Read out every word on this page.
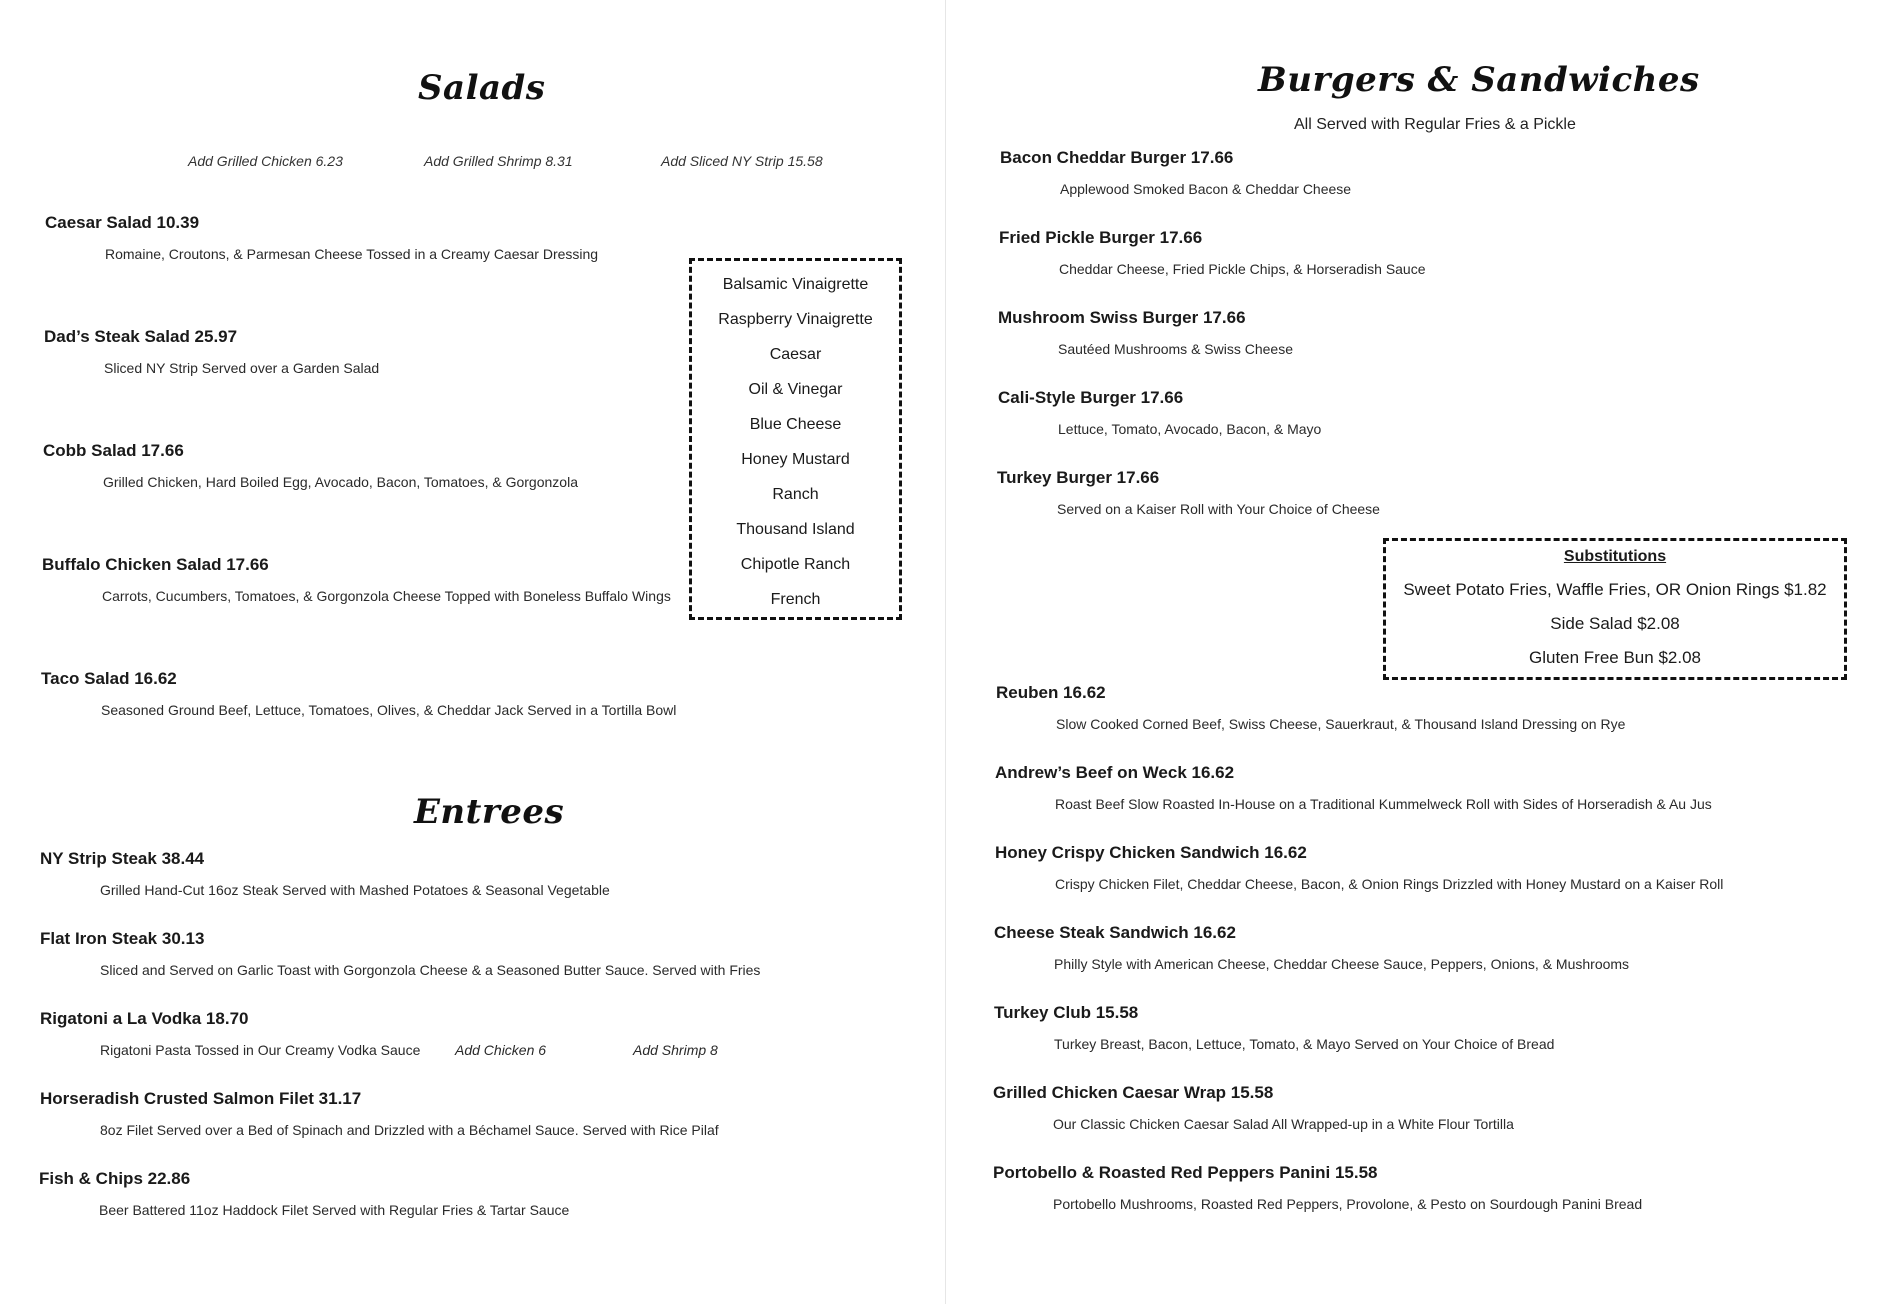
Salads
Add Grilled Chicken 6.23	Add Grilled Shrimp 8.31	Add Sliced NY Strip 15.58
Caesar Salad 10.39
Romaine, Croutons, & Parmesan Cheese Tossed in a Creamy Caesar Dressing
Dad’s Steak Salad 25.97
Sliced NY Strip Served over a Garden Salad
Cobb Salad 17.66
Grilled Chicken, Hard Boiled Egg, Avocado, Bacon, Tomatoes, & Gorgonzola
Buffalo Chicken Salad 17.66
Carrots, Cucumbers, Tomatoes, & Gorgonzola Cheese Topped with Boneless Buffalo Wings
Taco Salad 16.62
Seasoned Ground Beef, Lettuce, Tomatoes, Olives, & Cheddar Jack Served in a Tortilla Bowl
Balsamic Vinaigrette
Raspberry Vinaigrette
Caesar
Oil & Vinegar
Blue Cheese
Honey Mustard
Ranch
Thousand Island
Chipotle Ranch
French
Entrees
NY Strip Steak 38.44
Grilled Hand-Cut 16oz Steak Served with Mashed Potatoes & Seasonal Vegetable
Flat Iron Steak 30.13
Sliced and Served on Garlic Toast with Gorgonzola Cheese & a Seasoned Butter Sauce. Served with Fries
Rigatoni a La Vodka 18.70
Rigatoni Pasta Tossed in Our Creamy Vodka Sauce Add Chicken 6	Add Shrimp 8
Horseradish Crusted Salmon Filet 31.17
8oz Filet Served over a Bed of Spinach and Drizzled with a Béchamel Sauce. Served with Rice Pilaf
Fish & Chips 22.86
Beer Battered 11oz Haddock Filet Served with Regular Fries & Tartar Sauce
Burgers & Sandwiches
All Served with Regular Fries & a Pickle
Bacon Cheddar Burger 17.66
Applewood Smoked Bacon & Cheddar Cheese
Fried Pickle Burger 17.66
Cheddar Cheese, Fried Pickle Chips, & Horseradish Sauce
Mushroom Swiss Burger 17.66
Sautéed Mushrooms & Swiss Cheese
Cali-Style Burger 17.66
Lettuce, Tomato, Avocado, Bacon, & Mayo
Turkey Burger 17.66
Served on a Kaiser Roll with Your Choice of Cheese
Substitutions
Sweet Potato Fries, Waffle Fries, OR Onion Rings $1.82
Side Salad $2.08
Gluten Free Bun $2.08
Reuben 16.62
Slow Cooked Corned Beef, Swiss Cheese, Sauerkraut, & Thousand Island Dressing on Rye
Andrew’s Beef on Weck 16.62
Roast Beef Slow Roasted In-House on a Traditional Kummelweck Roll with Sides of Horseradish & Au Jus
Honey Crispy Chicken Sandwich 16.62
Crispy Chicken Filet, Cheddar Cheese, Bacon, & Onion Rings Drizzled with Honey Mustard on a Kaiser Roll
Cheese Steak Sandwich 16.62
Philly Style with American Cheese, Cheddar Cheese Sauce, Peppers, Onions, & Mushrooms
Turkey Club 15.58
Turkey Breast, Bacon, Lettuce, Tomato, & Mayo Served on Your Choice of Bread
Grilled Chicken Caesar Wrap 15.58
Our Classic Chicken Caesar Salad All Wrapped-up in a White Flour Tortilla
Portobello & Roasted Red Peppers Panini 15.58
Portobello Mushrooms, Roasted Red Peppers, Provolone, & Pesto on Sourdough Panini Bread
